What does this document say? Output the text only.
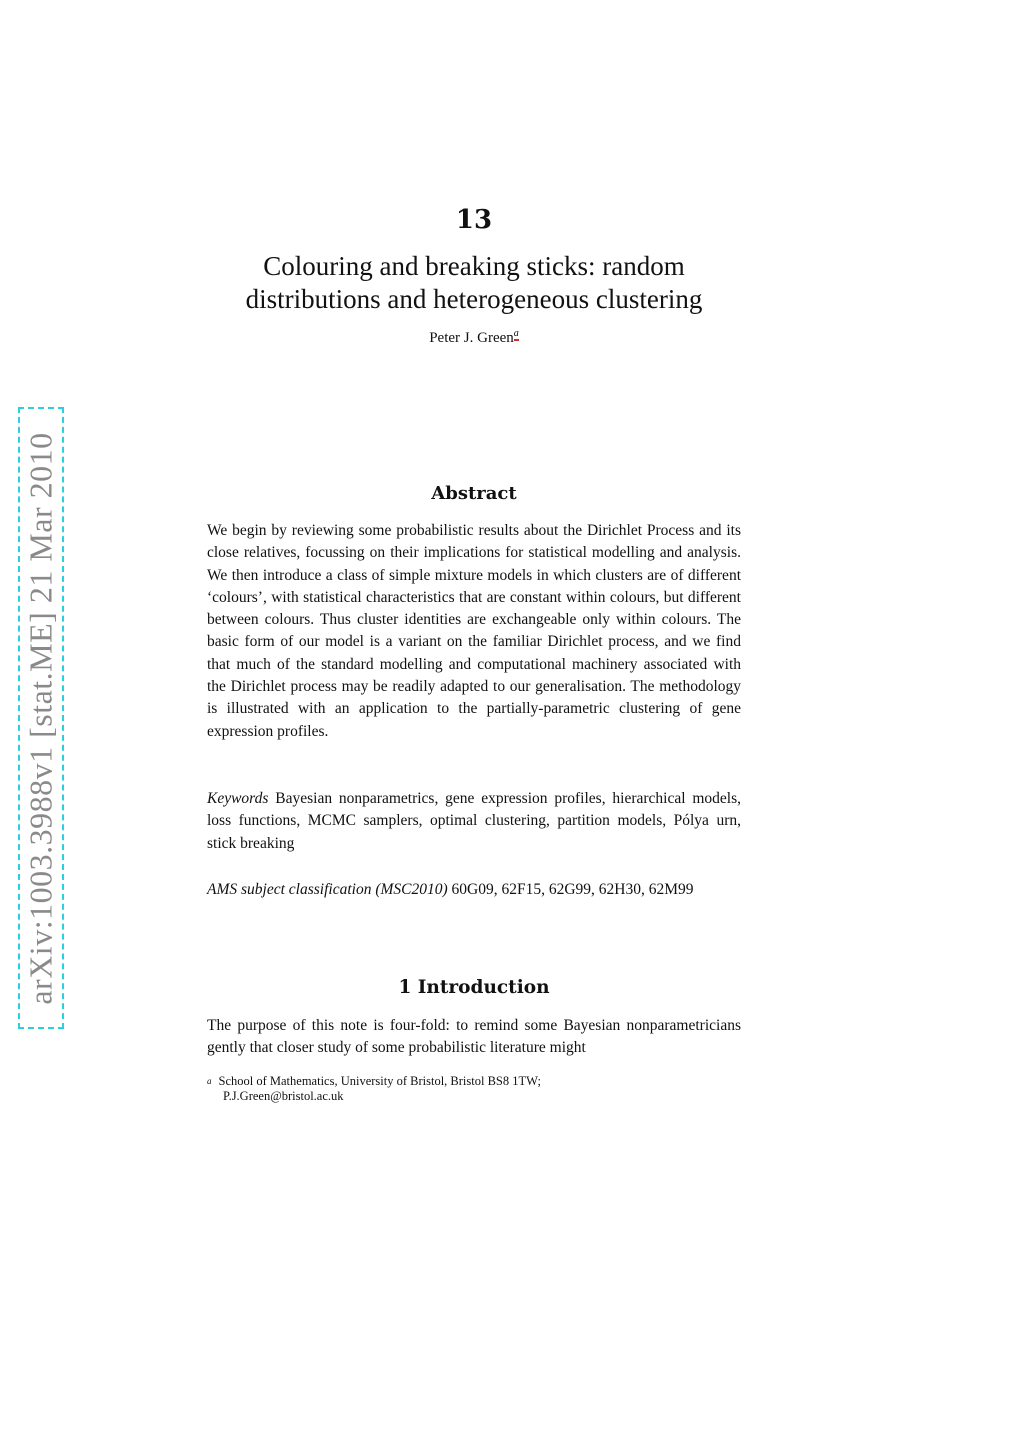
arXiv:1003.3988v1 [stat.ME] 21 Mar 2010
13
Colouring and breaking sticks: random
distributions and heterogeneous clustering
Peter J. Green$^a$
Abstract
We begin by reviewing some probabilistic results about the Dirichlet Process and its close relatives, focussing on their implications for statistical modelling and analysis. We then introduce a class of simple mixture models in which clusters are of different ‘colours’, with statistical characteristics that are constant within colours, but different between colours. Thus cluster identities are exchangeable only within colours. The basic form of our model is a variant on the familiar Dirichlet process, and we find that much of the standard modelling and computational machinery associated with the Dirichlet process may be readily adapted to our generalisation. The methodology is illustrated with an application to the partially-parametric clustering of gene expression profiles.
Keywords Bayesian nonparametrics, gene expression profiles, hierarchical models, loss functions, MCMC samplers, optimal clustering, partition models, Pólya urn, stick breaking
AMS subject classification (MSC2010) 60G09, 62F15, 62G99, 62H30, 62M99
1 Introduction
The purpose of this note is four-fold: to remind some Bayesian nonparametricians gently that closer study of some probabilistic literature might
$^a$ School of Mathematics, University of Bristol, Bristol BS8 1TW;
P.J.Green@bristol.ac.uk
